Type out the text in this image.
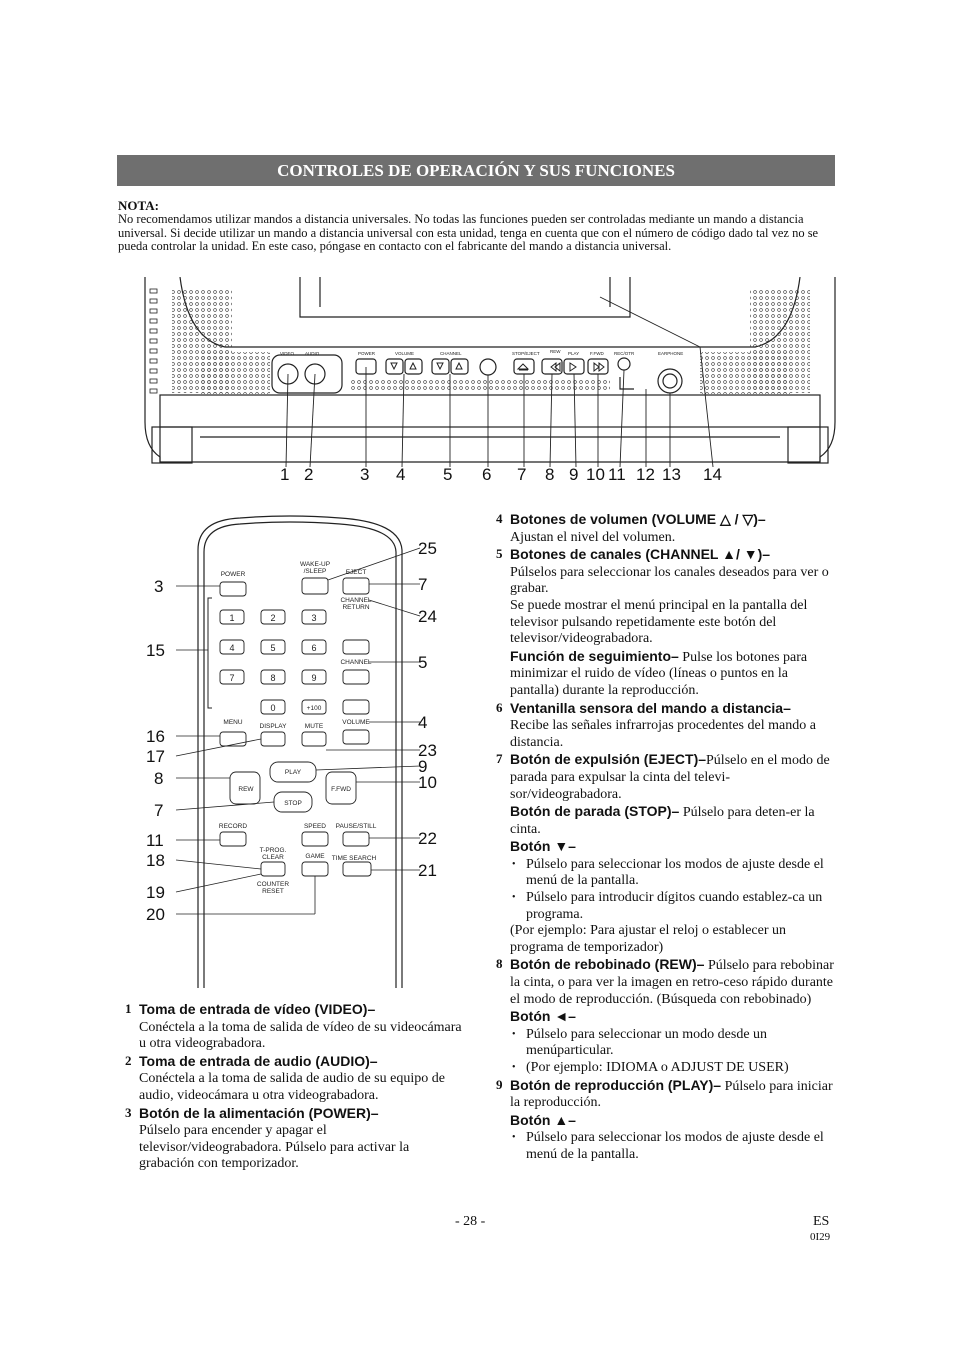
CONTROLES DE OPERACIÓN Y SUS FUNCIONES
NOTA:
No recomendamos utilizar mandos a distancia universales. No todas las funciones pueden ser controladas mediante un mando a distancia universal. Si decide utilizar un mando a distancia universal con esta unidad, tenga en cuenta que con el número de código dado tal vez no se pueda controlar la unidad. En este caso, póngase en contacto con el fabricante del mando a distancia universal.
VIDEO AUDIO	POWER	VOLUME	CHANNEL	STOP/EJECT REW PLAY F.FWD REC/OTR	EARPHONE
1 2	3 4 5 6 7 8 9 10 11 12 13 14
POWER
WAKE-UP /SLEEP	EJECT
CHANNEL RETURN
MENU
DISPLAY	MUTE
VOLUME
CHANNEL
PLAY
REW	F.FWD
STOP
RECORD	SPEED PAUSE/STILL
T-PROG. CLEAR	GAME TIME SEARCH
COUNTER RESET
+100
1	2	3
4	5	6
7	8	9
0
3
15
16
17
8
7
11
18
19
20
25
7
24
5
4
23
9
10
22
21
1 Toma de entrada de vídeo (VIDEO)–
Conéctela a la toma de salida de vídeo de su videocámara u otra videograbadora.
2 Toma de entrada de audio (AUDIO)–
Conéctela a la toma de salida de audio de su equipo de audio, videocámara u otra videograbadora.
3 Botón de la alimentación (POWER)–
Púlselo para encender y apagar el televisor/videograbadora. Púlselo para activar la grabación con temporizador.
4 Botones de volumen (VOLUME △ / ▽)–
Ajustan el nivel del volumen.
5 Botones de canales (CHANNEL ▲/ ▼)–
Púlselos para seleccionar los canales deseados para ver o grabar.
Se puede mostrar el menú principal en la pantalla del televisor pulsando repetidamente este botón del televisor/videograbadora.
Función de seguimiento– Pulse los botones para minimizar el ruido de vídeo (líneas o puntos en la pantalla) durante la reproducción.
6 Ventanilla sensora del mando a distancia–
Recibe las señales infrarrojas procedentes del mando a distancia.
7 Botón de expulsión (EJECT)–Púlselo en el modo de parada para expulsar la cinta del televi-sor/videograbadora.
Botón de parada (STOP)– Púlselo para deten-er la cinta.
Botón ▼–
• Púlselo para seleccionar los modos de ajuste desde el menú de la pantalla.
• Púlselo para introducir dígitos cuando establez-ca un programa.
(Por ejemplo: Para ajustar el reloj o establecer un programa de temporizador)
8 Botón de rebobinado (REW)– Púlselo para rebobinar la cinta, o para ver la imagen en retro-ceso rápido durante el modo de reproducción. (Búsqueda con rebobinado)
Botón ◄–
• Púlselo para seleccionar un modo desde un menúparticular.
• (Por ejemplo: IDIOMA o ADJUST DE USER)
9 Botón de reproducción (PLAY)– Púlselo para iniciar la reproducción.
Botón ▲–
• Púlselo para seleccionar los modos de ajuste desde el menú de la pantalla.
- 28 -	ES
0I29
